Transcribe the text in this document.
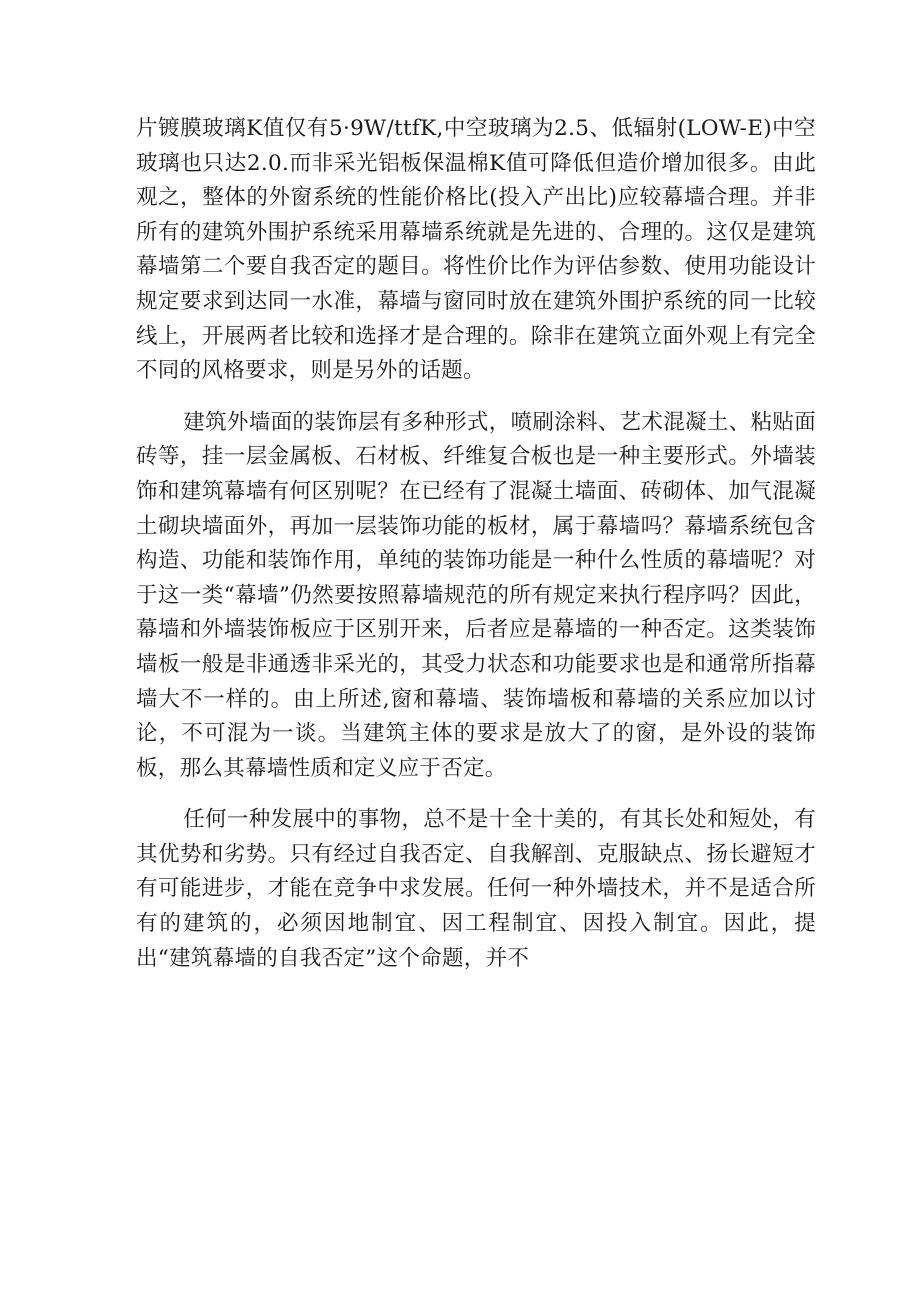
片镀膜玻璃K值仅有5·9W/ttfK,中空玻璃为2.5、低辐射(LOW-E)中空玻璃也只达2.0.而非采光铝板保温棉K值可降低但造价增加很多。由此观之，整体的外窗系统的性能价格比(投入产出比)应较幕墙合理。并非所有的建筑外围护系统采用幕墙系统就是先进的、合理的。这仅是建筑幕墙第二个要自我否定的题目。将性价比作为评估参数、使用功能设计规定要求到达同一水准，幕墙与窗同时放在建筑外围护系统的同一比较线上，开展两者比较和选择才是合理的。除非在建筑立面外观上有完全不同的风格要求，则是另外的话题。

建筑外墙面的装饰层有多种形式，喷刷涂料、艺术混凝土、粘贴面砖等，挂一层金属板、石材板、纤维复合板也是一种主要形式。外墙装饰和建筑幕墙有何区别呢？在已经有了混凝土墙面、砖砌体、加气混凝土砌块墙面外，再加一层装饰功能的板材，属于幕墙吗？幕墙系统包含构造、功能和装饰作用，单纯的装饰功能是一种什么性质的幕墙呢？对于这一类“幕墙”仍然要按照幕墙规范的所有规定来执行程序吗？因此，幕墙和外墙装饰板应于区别开来，后者应是幕墙的一种否定。这类装饰墙板一般是非通透非采光的，其受力状态和功能要求也是和通常所指幕墙大不一样的。由上所述,窗和幕墙、装饰墙板和幕墙的关系应加以讨论，不可混为一谈。当建筑主体的要求是放大了的窗，是外设的装饰板，那么其幕墙性质和定义应于否定。

任何一种发展中的事物，总不是十全十美的，有其长处和短处，有其优势和劣势。只有经过自我否定、自我解剖、克服缺点、扬长避短才有可能进步，才能在竞争中求发展。任何一种外墙技术，并不是适合所有的建筑的，必须因地制宜、因工程制宜、因投入制宜。因此，提出“建筑幕墙的自我否定”这个命题，并不
